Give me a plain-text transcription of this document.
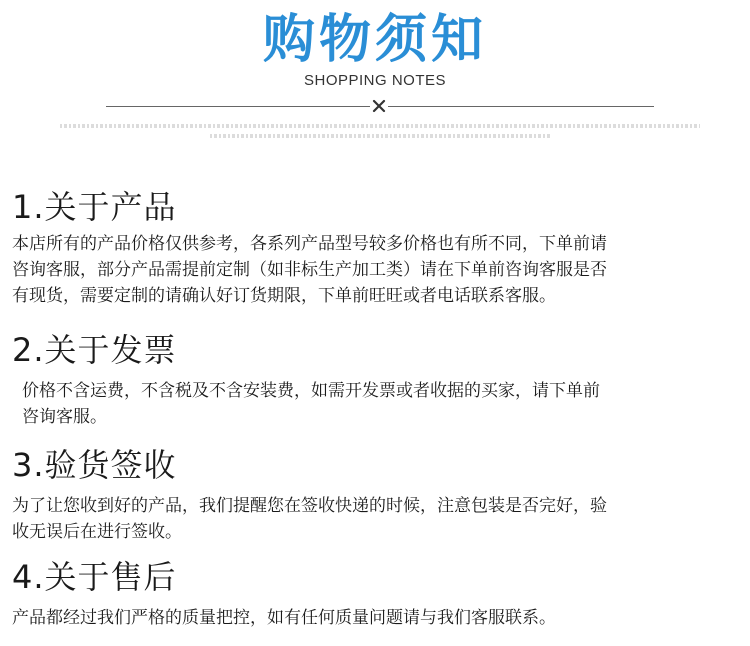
购物须知
SHOPPING NOTES
1.关于产品

本店所有的产品价格仅供参考，各系列产品型号较多价格也有所不同，下单前请

咨询客服，部分产品需提前定制（如非标生产加工类）请在下单前咨询客服是否

有现货，需要定制的请确认好订货期限，下单前旺旺或者电话联系客服。

2.关于发票

价格不含运费，不含税及不含安装费，如需开发票或者收据的买家，请下单前

咨询客服。

3.验货签收

为了让您收到好的产品，我们提醒您在签收快递的时候，注意包装是否完好，验

收无误后在进行签收。

4.关于售后

产品都经过我们严格的质量把控，如有任何质量问题请与我们客服联系。
